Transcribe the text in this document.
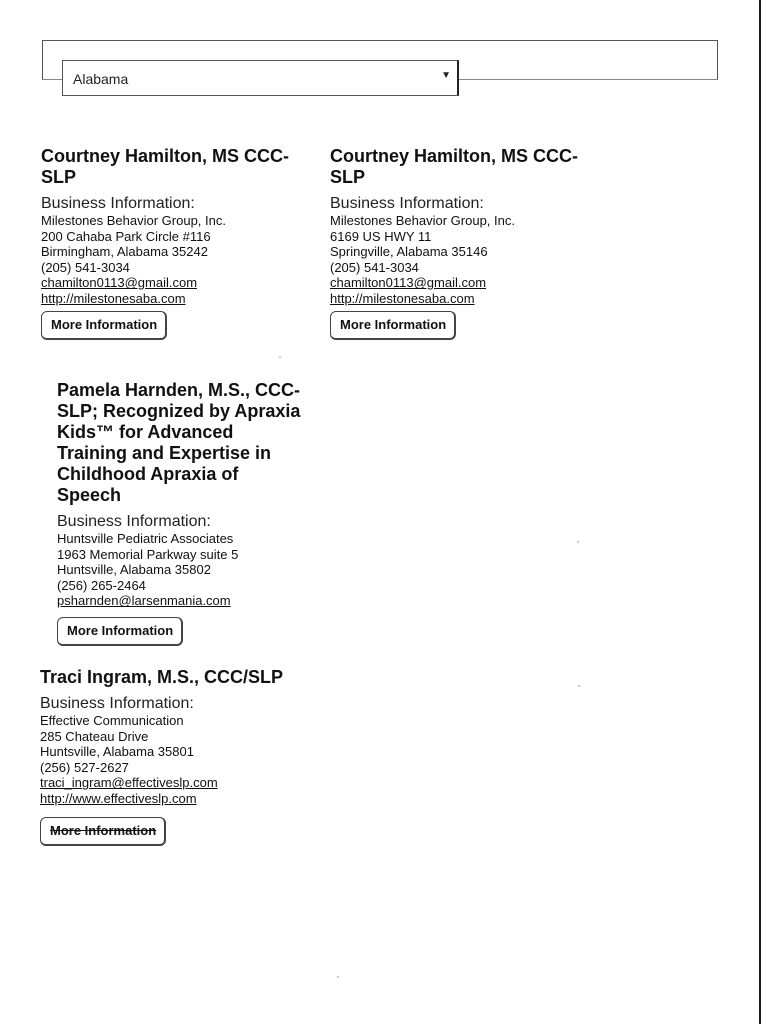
Alabama	▼
Courtney Hamilton, MS CCC-SLP
Business Information:
Milestones Behavior Group, Inc.
200 Cahaba Park Circle #116
Birmingham, Alabama 35242
(205) 541-3034
chamilton0113@gmail.com
http://milestonesaba.com
More Information
Courtney Hamilton, MS CCC-SLP
Business Information:
Milestones Behavior Group, Inc.
6169 US HWY 11
Springville, Alabama 35146
(205) 541-3034
chamilton0113@gmail.com
http://milestonesaba.com
More Information
Pamela Harnden, M.S., CCC-SLP; Recognized by Apraxia Kids™ for Advanced Training and Expertise in Childhood Apraxia of Speech
Business Information:
Huntsville Pediatric Associates
1963 Memorial Parkway suite 5
Huntsville, Alabama 35802
(256) 265-2464
psharnden@larsenmania.com
More Information
Traci Ingram, M.S., CCC/SLP
Business Information:
Effective Communication
285 Chateau Drive
Huntsville, Alabama 35801
(256) 527-2627
traci_ingram@effectiveslp.com
http://www.effectiveslp.com
More Information
